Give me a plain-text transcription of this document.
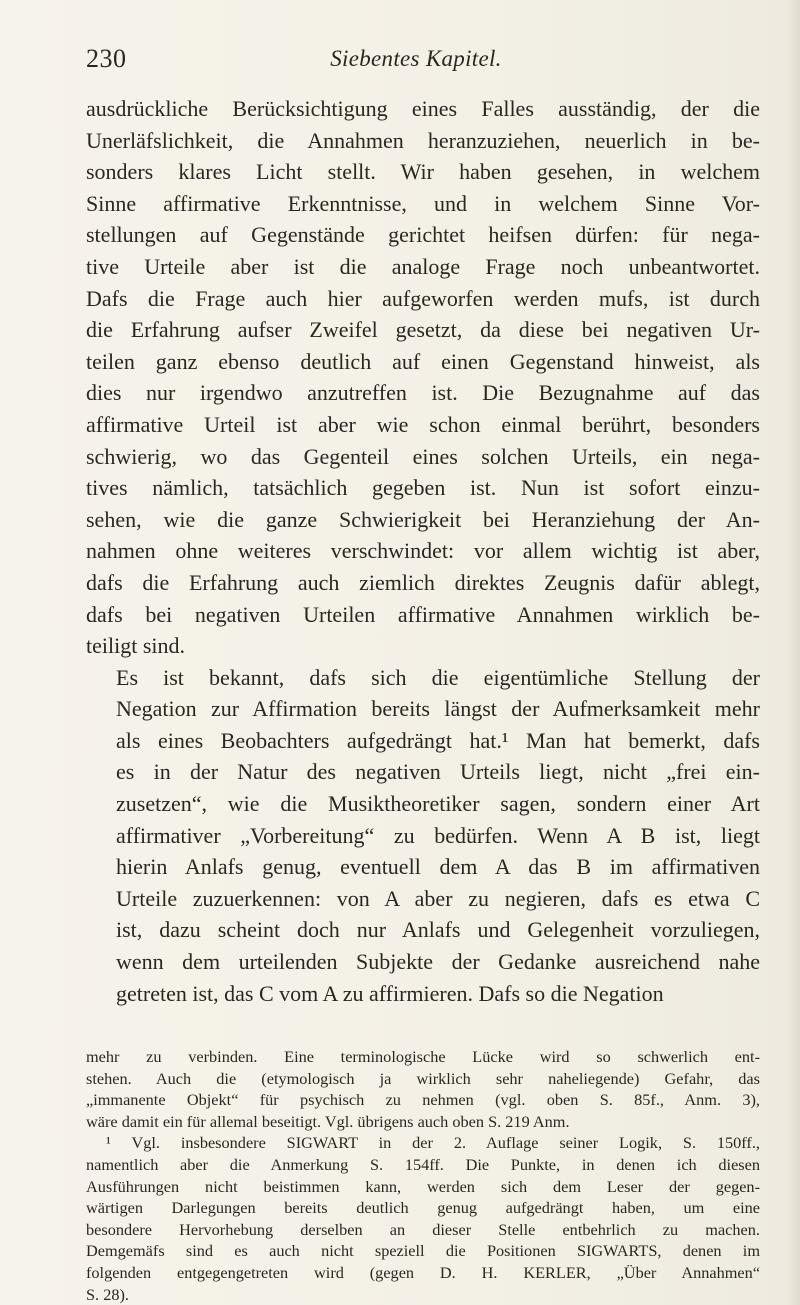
230	Siebentes Kapitel.

ausdrückliche Berücksichtigung eines Falles ausständig, der die
Unerläfslichkeit, die Annahmen heranzuziehen, neuerlich in be-
sonders klares Licht stellt. Wir haben gesehen, in welchem
Sinne affirmative Erkenntnisse, und in welchem Sinne Vor-
stellungen auf Gegenstände gerichtet heifsen dürfen: für nega-
tive Urteile aber ist die analoge Frage noch unbeantwortet.
Dafs die Frage auch hier aufgeworfen werden mufs, ist durch
die Erfahrung aufser Zweifel gesetzt, da diese bei negativen Ur-
teilen ganz ebenso deutlich auf einen Gegenstand hinweist, als
dies nur irgendwo anzutreffen ist. Die Bezugnahme auf das
affirmative Urteil ist aber wie schon einmal berührt, besonders
schwierig, wo das Gegenteil eines solchen Urteils, ein nega-
tives nämlich, tatsächlich gegeben ist. Nun ist sofort einzu-
sehen, wie die ganze Schwierigkeit bei Heranziehung der An-
nahmen ohne weiteres verschwindet: vor allem wichtig ist aber,
dafs die Erfahrung auch ziemlich direktes Zeugnis dafür ablegt,
dafs bei negativen Urteilen affirmative Annahmen wirklich be-
teiligt sind.

Es ist bekannt, dafs sich die eigentümliche Stellung der
Negation zur Affirmation bereits längst der Aufmerksamkeit mehr
als eines Beobachters aufgedrängt hat.¹ Man hat bemerkt, dafs
es in der Natur des negativen Urteils liegt, nicht „frei ein-
zusetzen“, wie die Musiktheoretiker sagen, sondern einer Art
affirmativer „Vorbereitung“ zu bedürfen. Wenn A B ist, liegt
hierin Anlafs genug, eventuell dem A das B im affirmativen
Urteile zuzuerkennen: von A aber zu negieren, dafs es etwa C
ist, dazu scheint doch nur Anlafs und Gelegenheit vorzuliegen,
wenn dem urteilenden Subjekte der Gedanke ausreichend nahe
getreten ist, das C vom A zu affirmieren. Dafs so die Negation

mehr zu verbinden. Eine terminologische Lücke wird so schwerlich ent-
stehen. Auch die (etymologisch ja wirklich sehr naheliegende) Gefahr, das
„immanente Objekt“ für psychisch zu nehmen (vgl. oben S. 85f., Anm. 3),
wäre damit ein für allemal beseitigt. Vgl. übrigens auch oben S. 219 Anm.

¹ Vgl. insbesondere SIGWART in der 2. Auflage seiner Logik, S. 150ff.,
namentlich aber die Anmerkung S. 154ff. Die Punkte, in denen ich diesen
Ausführungen nicht beistimmen kann, werden sich dem Leser der gegen-
wärtigen Darlegungen bereits deutlich genug aufgedrängt haben, um eine
besondere Hervorhebung derselben an dieser Stelle entbehrlich zu machen.
Demgemäfs sind es auch nicht speziell die Positionen SIGWARTS, denen im
folgenden entgegengetreten wird (gegen D. H. KERLER, „Über Annahmen“
S. 28).
